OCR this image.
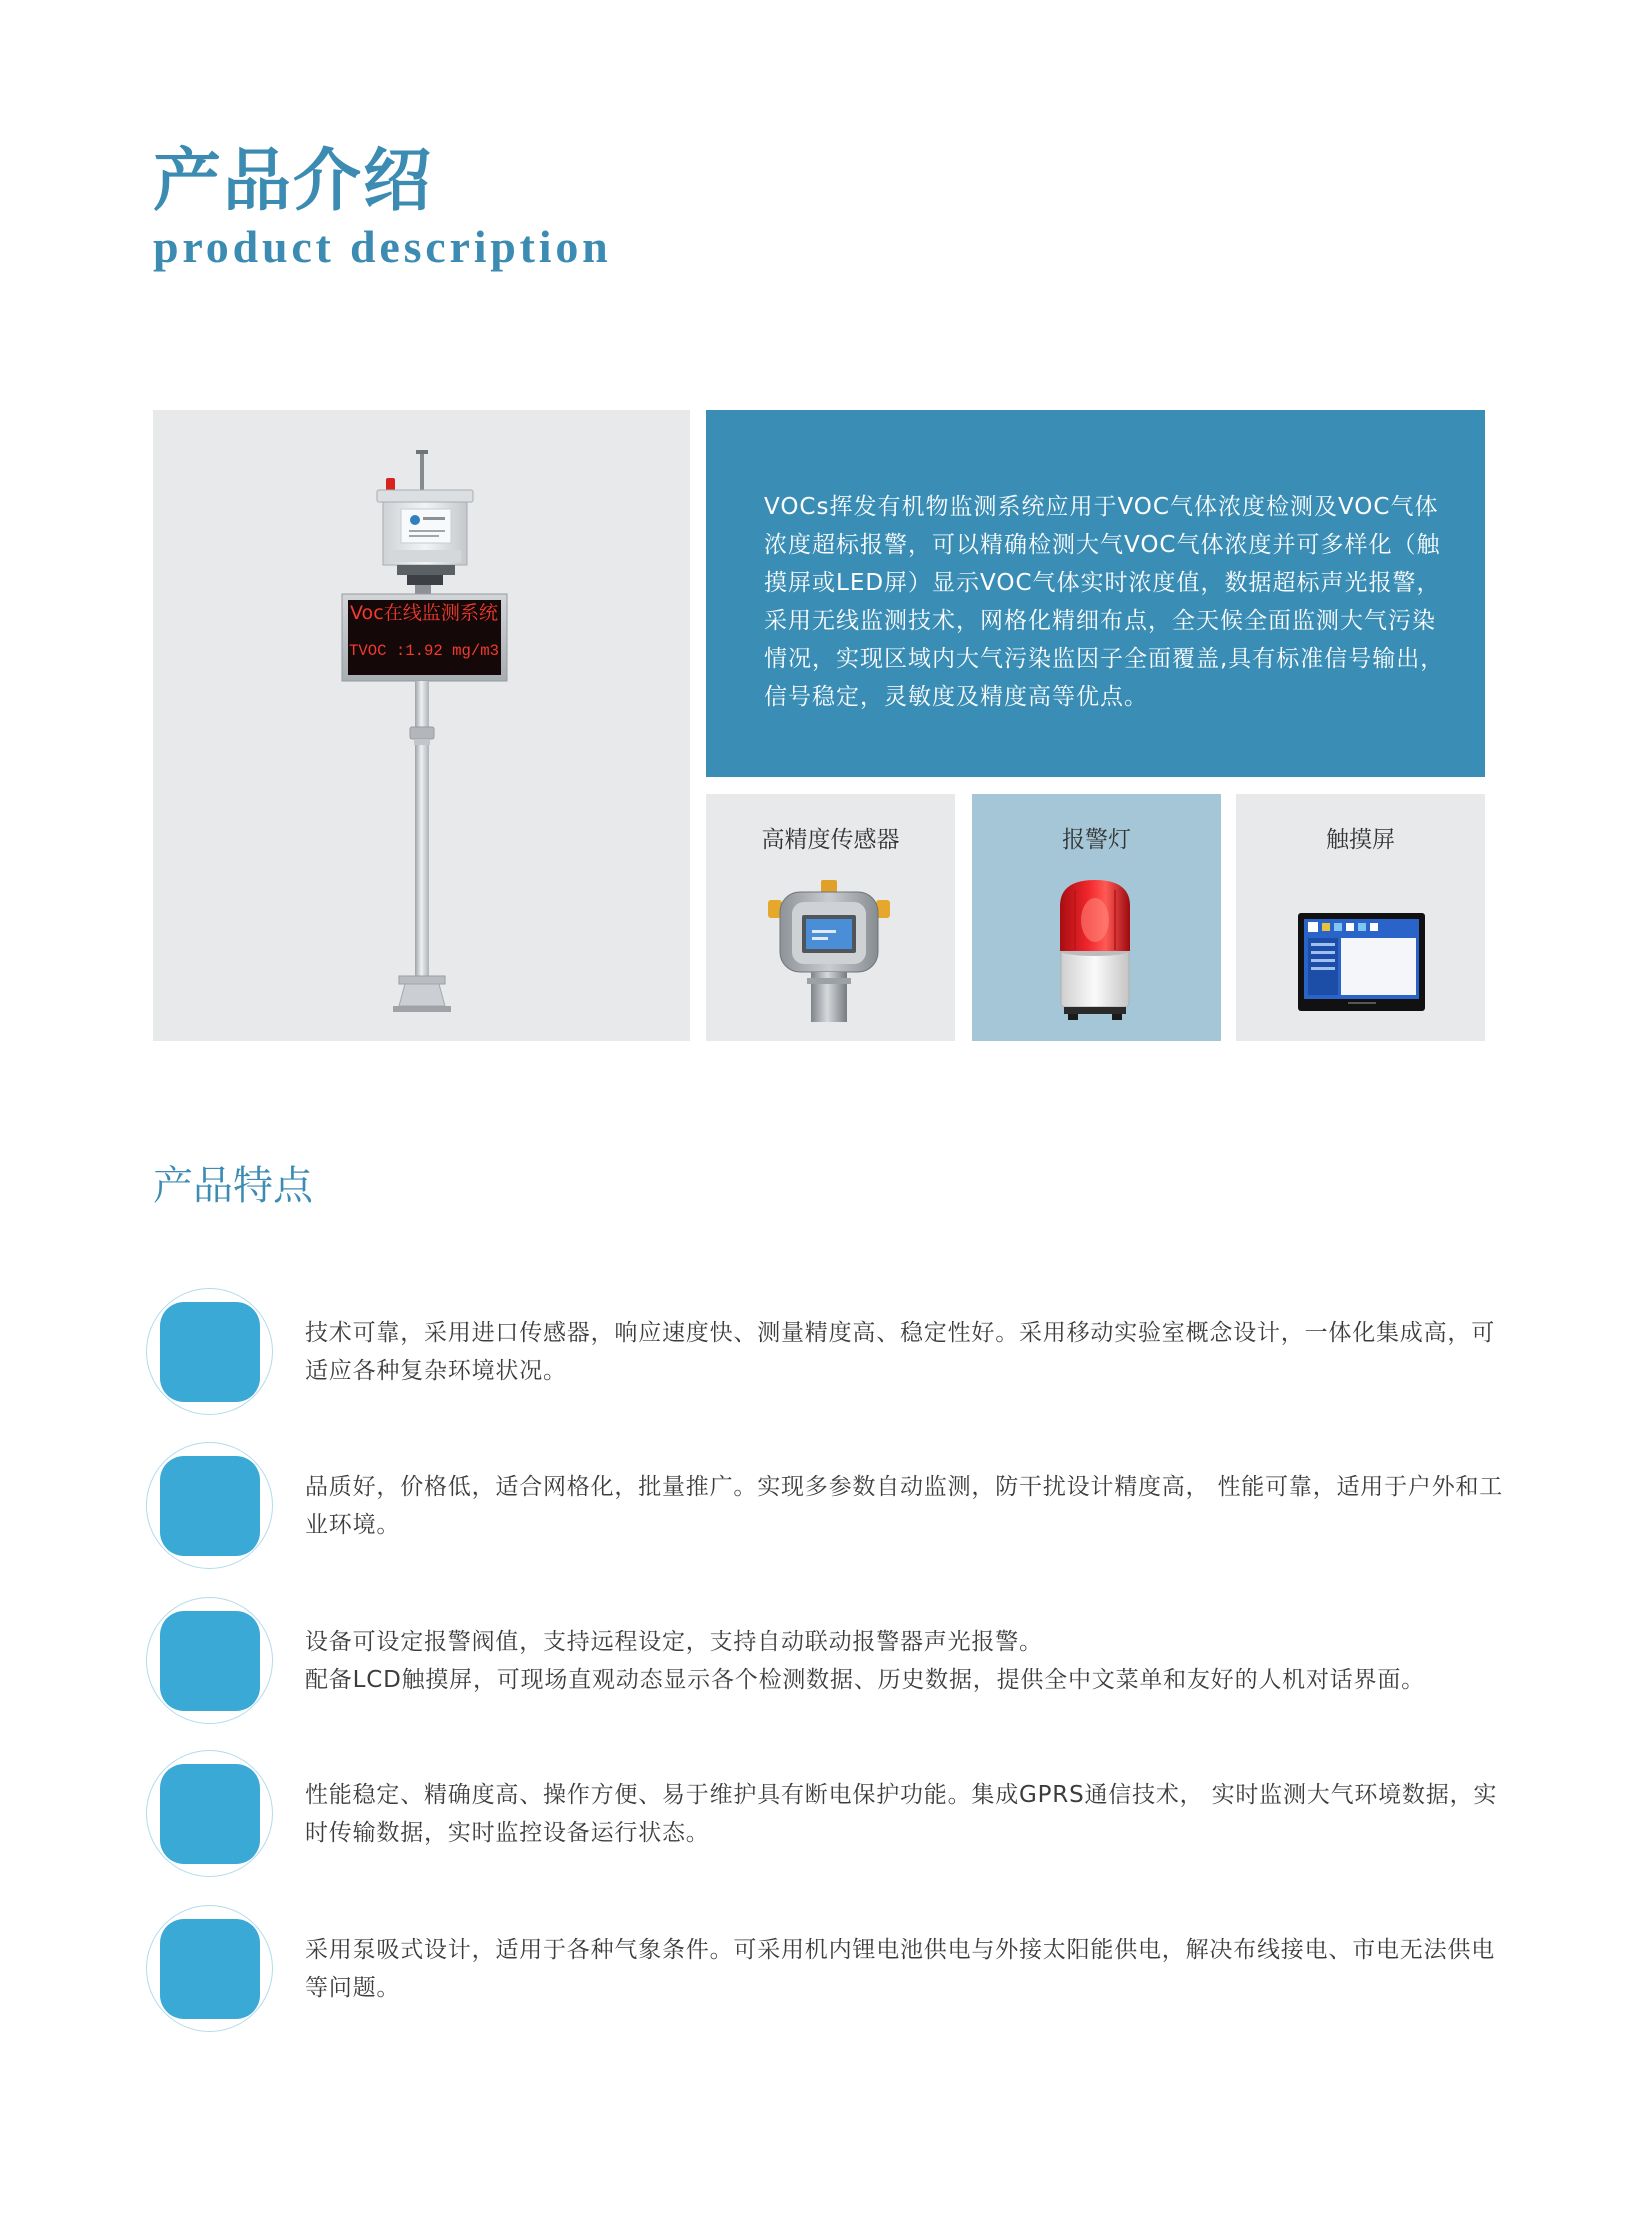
产品介绍
product description
Voc在线监测系统
TVOC :1.92 mg/m3
VOCs挥发有机物监测系统应用于VOC气体浓度检测及VOC气体
浓度超标报警，可以精确检测大气VOC气体浓度并可多样化（触
摸屏或LED屏）显示VOC气体实时浓度值，数据超标声光报警，
采用无线监测技术，网格化精细布点，全天候全面监测大气污染
情况，实现区域内大气污染监因子全面覆盖,具有标准信号输出，
信号稳定，灵敏度及精度高等优点。
高精度传感器	报警灯	触摸屏
产品特点
技术可靠，采用进口传感器，响应速度快、测量精度高、稳定性好。采用移动实验室概念设计，一体化集成高，可
适应各种复杂环境状况。
品质好，价格低，适合网格化，批量推广。实现多参数自动监测，防干扰设计精度高， 性能可靠，适用于户外和工
业环境。
设备可设定报警阀值，支持远程设定，支持自动联动报警器声光报警。
配备LCD触摸屏，可现场直观动态显示各个检测数据、历史数据，提供全中文菜单和友好的人机对话界面。
性能稳定、精确度高、操作方便、易于维护具有断电保护功能。集成GPRS通信技术， 实时监测大气环境数据，实
时传输数据，实时监控设备运行状态。
采用泵吸式设计，适用于各种气象条件。可采用机内锂电池供电与外接太阳能供电，解决布线接电、市电无法供电
等问题。
